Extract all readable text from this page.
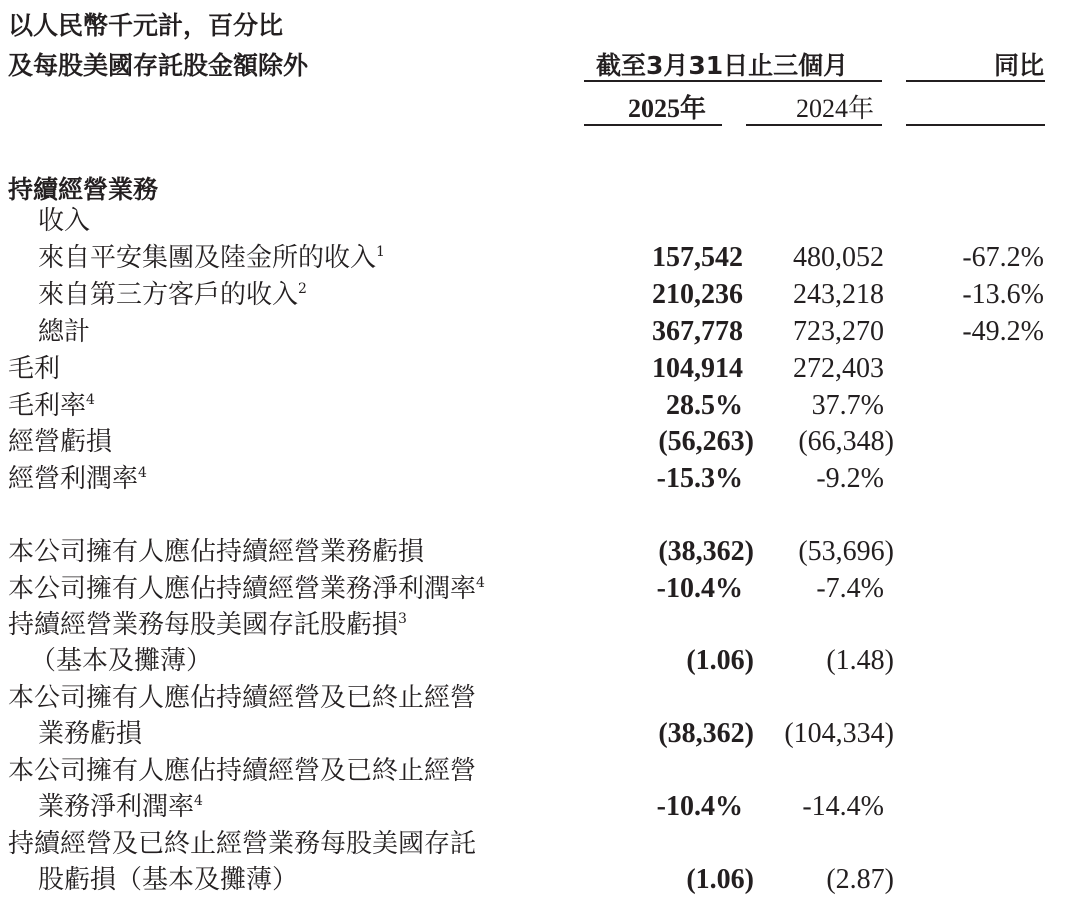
以人民幣千元計，百分比
及每股美國存託股金額除外	截至3月31日止三個月	同比
2025年	2024年
持續經營業務
收入
來自平安集團及陸金所的收入$^1$	157,542 480,052	-67.2%
來自第三方客戶的收入$^2$	210,236 243,218	-13.6%
總計	367,778 723,270	-49.2%
毛利	104,914 272,403
毛利率$^4$	28.5% 37.7%
經營虧損	(56,263) (66,348)
經營利潤率$^4$	-15.3%	-9.2%
本公司擁有人應佔持續經營業務虧損	(38,362) (53,696)
本公司擁有人應佔持續經營業務淨利潤率$^4$	-10.4%	-7.4%
持續經營業務每股美國存託股虧損$^3$
（基本及攤薄）	(1.06)	(1.48)
本公司擁有人應佔持續經營及已終止經營
業務虧損	(38,362) (104,334)
本公司擁有人應佔持續經營及已終止經營
業務淨利潤率$^4$	-10.4% -14.4%
持續經營及已終止經營業務每股美國存託
股虧損（基本及攤薄）	(1.06)	(2.87)
